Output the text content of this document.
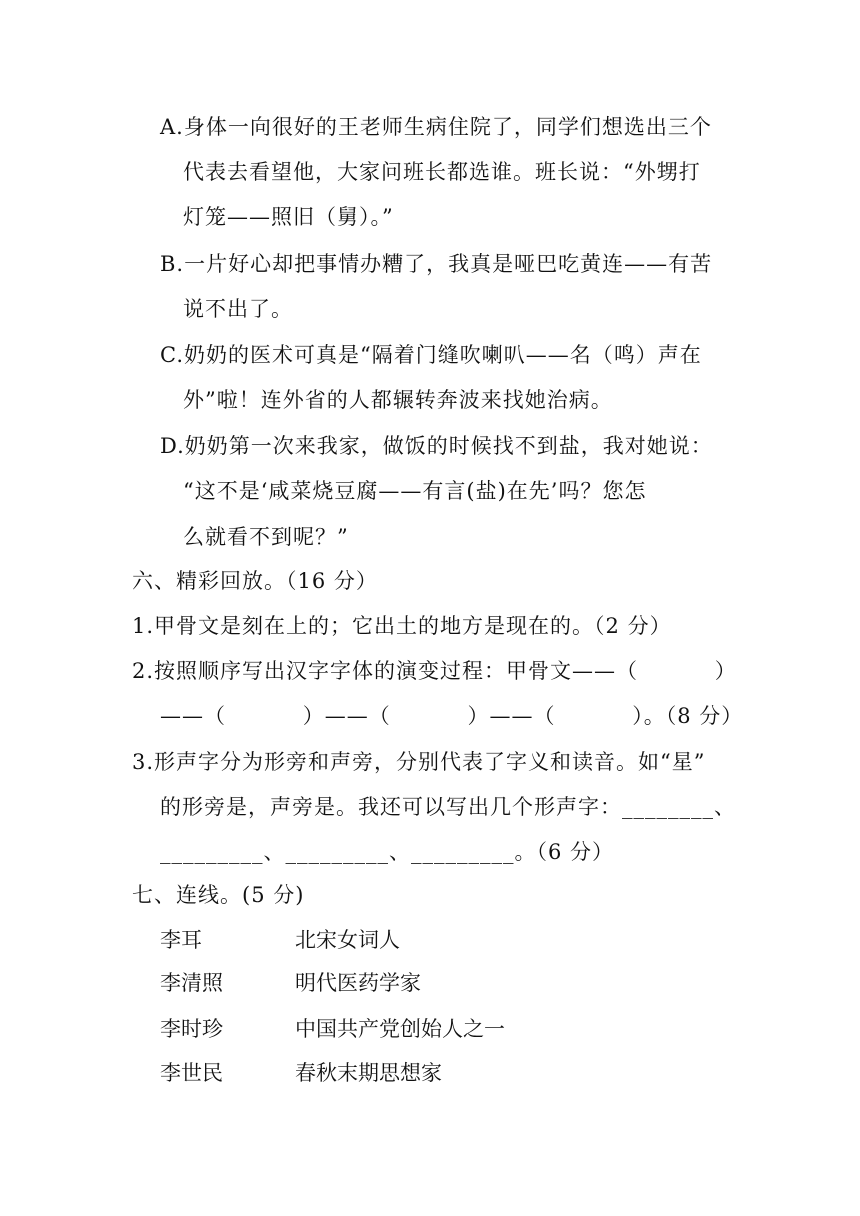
A.身体一向很好的王老师生病住院了，同学们想选出三个
代表去看望他，大家问班长都选谁。班长说：“外甥打
灯笼——照旧（舅）。”
B.一片好心却把事情办糟了，我真是哑巴吃黄连——有苦
说不出了。
C.奶奶的医术可真是“隔着门缝吹喇叭——名（鸣）声在
外”啦！连外省的人都辗转奔波来找她治病。
D.奶奶第一次来我家，做饭的时候找不到盐，我对她说：
“这不是‘咸菜烧豆腐——有言(盐)在先’吗？您怎
么就看不到呢？”
六、精彩回放。（16 分）
1.甲骨文是刻在上的；它出土的地方是现在的。（2 分）
2.按照顺序写出汉字字体的演变过程：甲骨文——（          ）
——（          ）——（          ）——（          ）。（8 分）
3.形声字分为形旁和声旁，分别代表了字义和读音。如“星”
的形旁是，声旁是。我还可以写出几个形声字：________、
_________、_________、_________。（6 分）
七、连线。(5 分)
李耳	北宋女词人
李清照	明代医药学家
李时珍	中国共产党创始人之一
李世民	春秋末期思想家
